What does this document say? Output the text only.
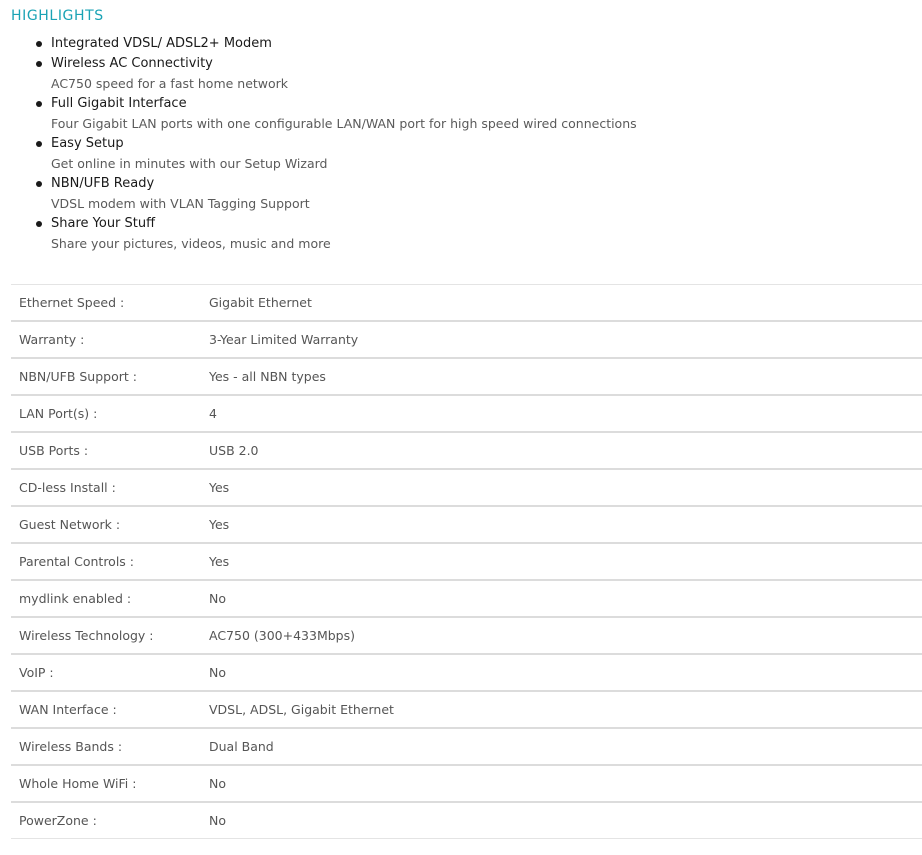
HIGHLIGHTS
Integrated VDSL/ ADSL2+ Modem
Wireless AC Connectivity
AC750 speed for a fast home network
Full Gigabit Interface
Four Gigabit LAN ports with one configurable LAN/WAN port for high speed wired connections
Easy Setup
Get online in minutes with our Setup Wizard
NBN/UFB Ready
VDSL modem with VLAN Tagging Support
Share Your Stuff
Share your pictures, videos, music and more
Ethernet Speed :	Gigabit Ethernet
Warranty :	3-Year Limited Warranty
NBN/UFB Support :	Yes - all NBN types
LAN Port(s) :	4
USB Ports :	USB 2.0
CD-less Install :	Yes
Guest Network :	Yes
Parental Controls :	Yes
mydlink enabled :	No
Wireless Technology :	AC750 (300+433Mbps)
VoIP :	No
WAN Interface :	VDSL, ADSL, Gigabit Ethernet
Wireless Bands :	Dual Band
Whole Home WiFi :	No
PowerZone :	No
